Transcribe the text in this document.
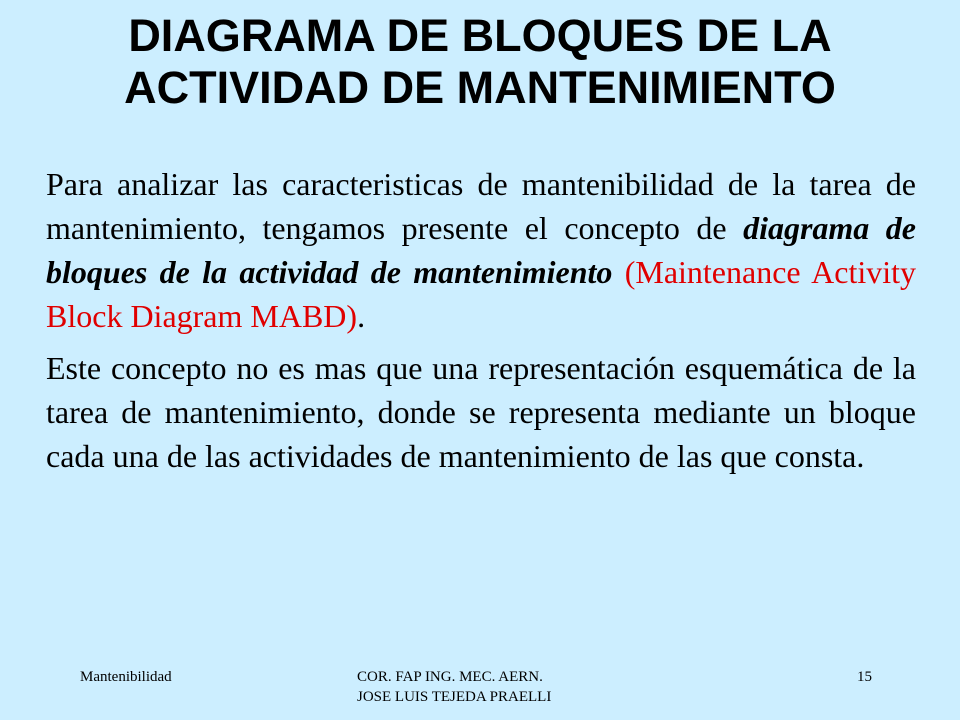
DIAGRAMA DE BLOQUES DE LA ACTIVIDAD DE MANTENIMIENTO

Para analizar las caracteristicas de mantenibilidad de la tarea de mantenimiento, tengamos presente el concepto de diagrama de bloques de la actividad de mantenimiento (Maintenance Activity Block Diagram MABD).

Este concepto no es mas que una representación esquemática de la tarea de mantenimiento, donde se representa mediante un bloque cada una de las actividades de mantenimiento de las que consta.

Mantenibilidad	COR. FAP ING. MEC. AERN.
JOSE LUIS TEJEDA PRAELLI
15
